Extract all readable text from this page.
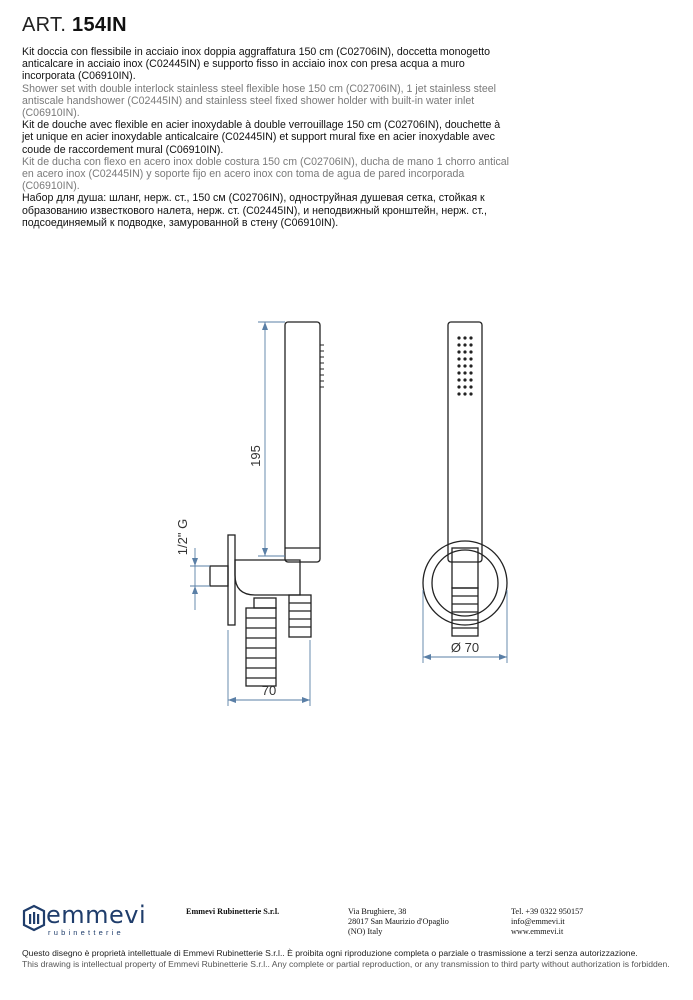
ART. 154IN

Kit doccia con flessibile in acciaio inox doppia aggraffatura 150 cm (C02706IN), doccetta monogetto anticalcare in acciaio inox (C02445IN) e supporto fisso in acciaio inox con presa acqua a muro incorporata (C06910IN).

Shower set with double interlock stainless steel flexible hose 150 cm (C02706IN), 1 jet stainless steel antiscale handshower (C02445IN) and stainless steel fixed shower holder with built-in water inlet (C06910IN).

Kit de douche avec flexible en acier inoxydable à double verrouillage 150 cm (C02706IN), douchette à jet unique en acier inoxydable anticalcaire (C02445IN) et support mural fixe en acier inoxydable avec coude de raccordement mural (C06910IN).

Kit de ducha con flexo en acero inox doble costura 150 cm (C02706IN), ducha de mano 1 chorro antical en acero inox (C02445IN) y soporte fijo en acero inox con toma de agua de pared incorporada (C06910IN).

Набор для душа: шланг, нерж. ст., 150 см (C02706IN), однострyйная дyшевая сетка, стойкая к образованию известкового налета, нерж. ст. (C02445IN), и неподвижный кронштейн, нерж. ст., подсоединяемый к подводке, замурованной в стену (C06910IN).

195
1/2" G
70
Ø 70
emmevi
rubinetterie
Emmevi Rubinetterie S.r.l.	Via Brughiere, 38
28017 San Maurizio d'Opaglio
(NO) Italy
Tel. +39 0322 950157
info@emmevi.it
www.emmevi.it
Questo disegno è proprietà intellettuale di Emmevi Rubinetterie S.r.l.. È proibita ogni riproduzione completa o parziale o trasmissione a terzi senza autorizzazione.
This drawing is intellectual property of Emmevi Rubinetterie S.r.l.. Any complete or partial reproduction, or any transmission to third party without authorization is forbidden.
